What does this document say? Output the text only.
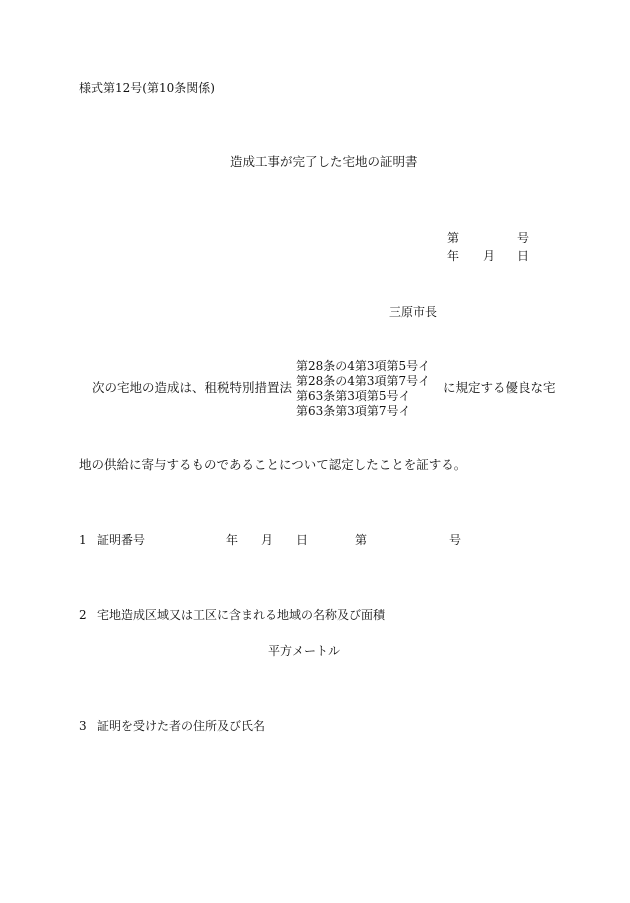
様式第12号(第10条関係)

造成工事が完了した宅地の証明書

第	号
年 月 日

三原市長

次の宅地の造成は、租税特別措置法
第28条の4第3項第5号イ
第28条の4第3項第7号イ
第63条第3項第5号イ
第63条第3項第7号イ
に規定する優良な宅

地の供給に寄与するものであることについて認定したことを証する。

1 証明番号	年 月 日	第	号
2 宅地造成区域又は工区に含まれる地域の名称及び面積
平方メートル
3 証明を受けた者の住所及び氏名
